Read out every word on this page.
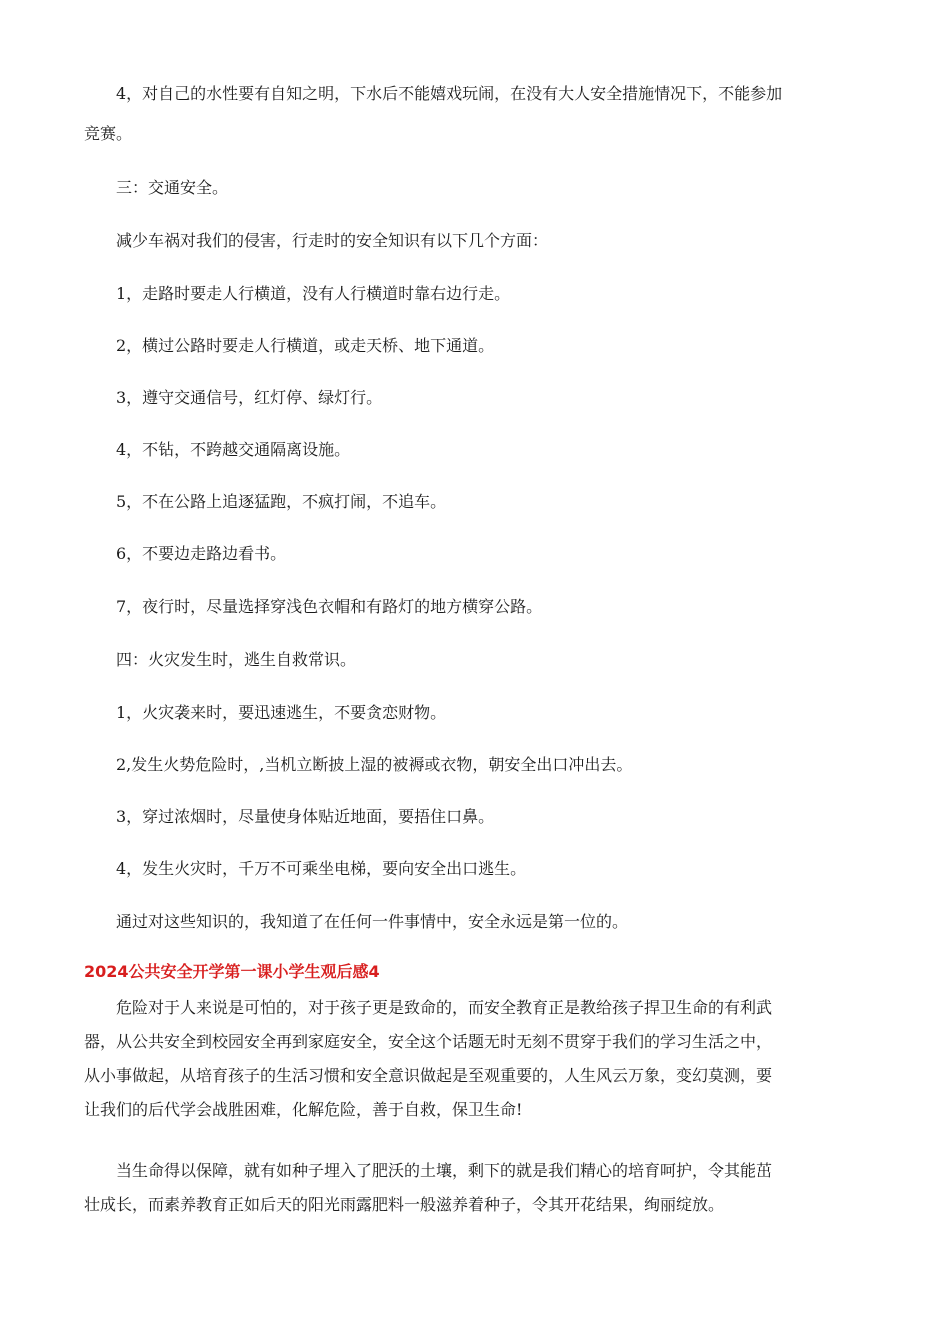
4，对自己的水性要有自知之明，下水后不能嬉戏玩闹，在没有大人安全措施情况下，不能参加

竞赛。

三：交通安全。

减少车祸对我们的侵害，行走时的安全知识有以下几个方面：

1，走路时要走人行横道，没有人行横道时靠右边行走。

2，横过公路时要走人行横道，或走天桥、地下通道。

3，遵守交通信号，红灯停、绿灯行。

4，不钻，不跨越交通隔离设施。

5，不在公路上追逐猛跑，不疯打闹，不追车。

6，不要边走路边看书。

7，夜行时，尽量选择穿浅色衣帽和有路灯的地方横穿公路。

四：火灾发生时，逃生自救常识。

1，火灾袭来时，要迅速逃生，不要贪恋财物。

2,发生火势危险时，,当机立断披上湿的被褥或衣物，朝安全出口冲出去。

3，穿过浓烟时，尽量使身体贴近地面，要捂住口鼻。

4，发生火灾时，千万不可乘坐电梯，要向安全出口逃生。

通过对这些知识的，我知道了在任何一件事情中，安全永远是第一位的。

2024公共安全开学第一课小学生观后感4

危险对于人来说是可怕的，对于孩子更是致命的，而安全教育正是教给孩子捍卫生命的有利武

器，从公共安全到校园安全再到家庭安全，安全这个话题无时无刻不贯穿于我们的学习生活之中，

从小事做起，从培育孩子的生活习惯和安全意识做起是至观重要的，人生风云万象，变幻莫测，要

让我们的后代学会战胜困难，化解危险，善于自救，保卫生命!

当生命得以保障，就有如种子埋入了肥沃的土壤，剩下的就是我们精心的培育呵护，令其能茁

壮成长，而素养教育正如后天的阳光雨露肥料一般滋养着种子，令其开花结果，绚丽绽放。
